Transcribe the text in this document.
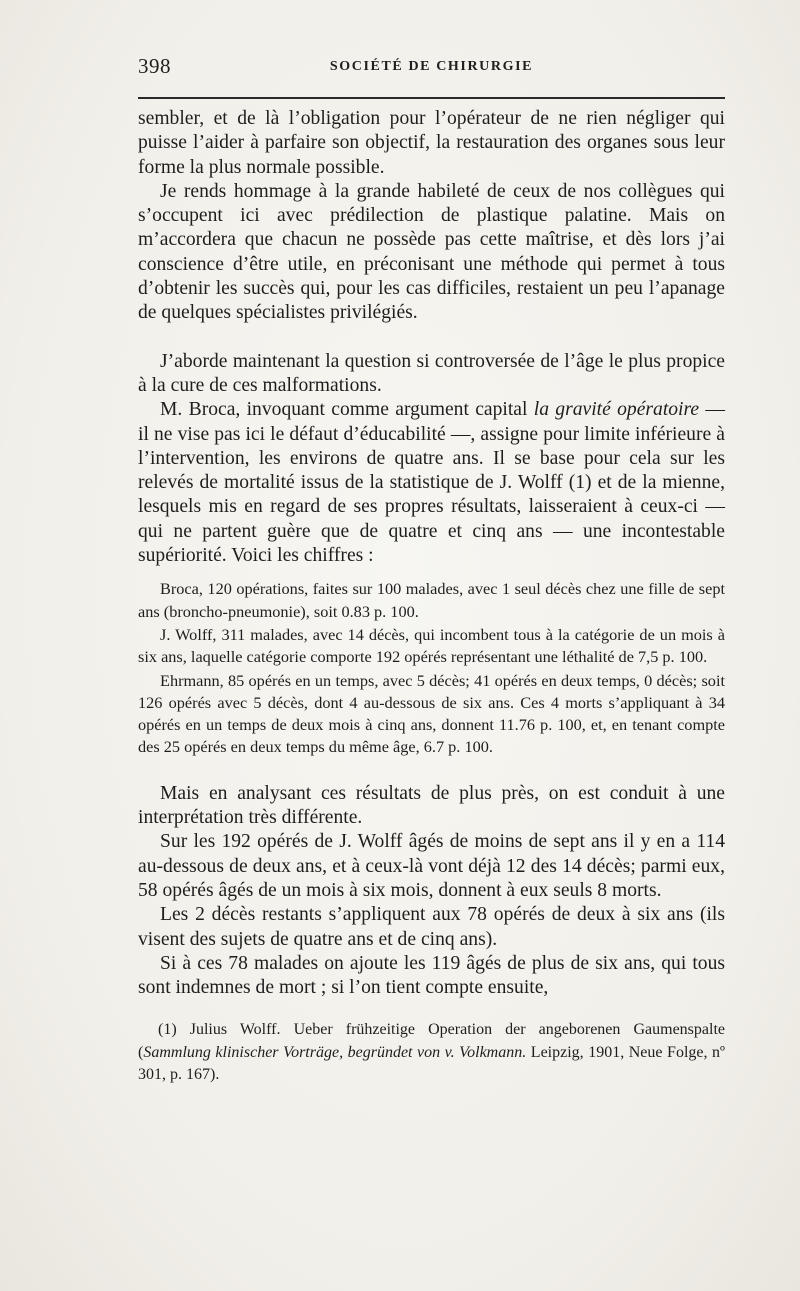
398	SOCIÉTÉ DE CHIRURGIE

sembler, et de là l’obligation pour l’opérateur de ne rien négliger qui puisse l’aider à parfaire son objectif, la restauration des organes sous leur forme la plus normale possible.

Je rends hommage à la grande habileté de ceux de nos collègues qui s’occupent ici avec prédilection de plastique palatine. Mais on m’accordera que chacun ne possède pas cette maîtrise, et dès lors j’ai conscience d’être utile, en préconisant une méthode qui permet à tous d’obtenir les succès qui, pour les cas difficiles, restaient un peu l’apanage de quelques spécialistes privilégiés.

J’aborde maintenant la question si controversée de l’âge le plus propice à la cure de ces malformations.

M. Broca, invoquant comme argument capital la gravité opératoire — il ne vise pas ici le défaut d’éducabilité —, assigne pour limite inférieure à l’intervention, les environs de quatre ans. Il se base pour cela sur les relevés de mortalité issus de la statistique de J. Wolff (1) et de la mienne, lesquels mis en regard de ses propres résultats, laisseraient à ceux-ci — qui ne partent guère que de quatre et cinq ans — une incontestable supériorité. Voici les chiffres :

Broca, 120 opérations, faites sur 100 malades, avec 1 seul décès chez une fille de sept ans (broncho-pneumonie), soit 0.83 p. 100.

J. Wolff, 311 malades, avec 14 décès, qui incombent tous à la catégorie de un mois à six ans, laquelle catégorie comporte 192 opérés représentant une léthalité de 7,5 p. 100.

Ehrmann, 85 opérés en un temps, avec 5 décès; 41 opérés en deux temps, 0 décès; soit 126 opérés avec 5 décès, dont 4 au-dessous de six ans. Ces 4 morts s’appliquant à 34 opérés en un temps de deux mois à cinq ans, donnent 11.76 p. 100, et, en tenant compte des 25 opérés en deux temps du même âge, 6.7 p. 100.

Mais en analysant ces résultats de plus près, on est conduit à une interprétation très différente.

Sur les 192 opérés de J. Wolff âgés de moins de sept ans il y en a 114 au-dessous de deux ans, et à ceux-là vont déjà 12 des 14 décès; parmi eux, 58 opérés âgés de un mois à six mois, donnent à eux seuls 8 morts.

Les 2 décès restants s’appliquent aux 78 opérés de deux à six ans (ils visent des sujets de quatre ans et de cinq ans).

Si à ces 78 malades on ajoute les 119 âgés de plus de six ans, qui tous sont indemnes de mort ; si l’on tient compte ensuite,

(1) Julius Wolff. Ueber frühzeitige Operation der angeborenen Gaumenspalte (Sammlung klinischer Vorträge, begründet von v. Volkmann. Leipzig, 1901, Neue Folge, nº 301, p. 167).
